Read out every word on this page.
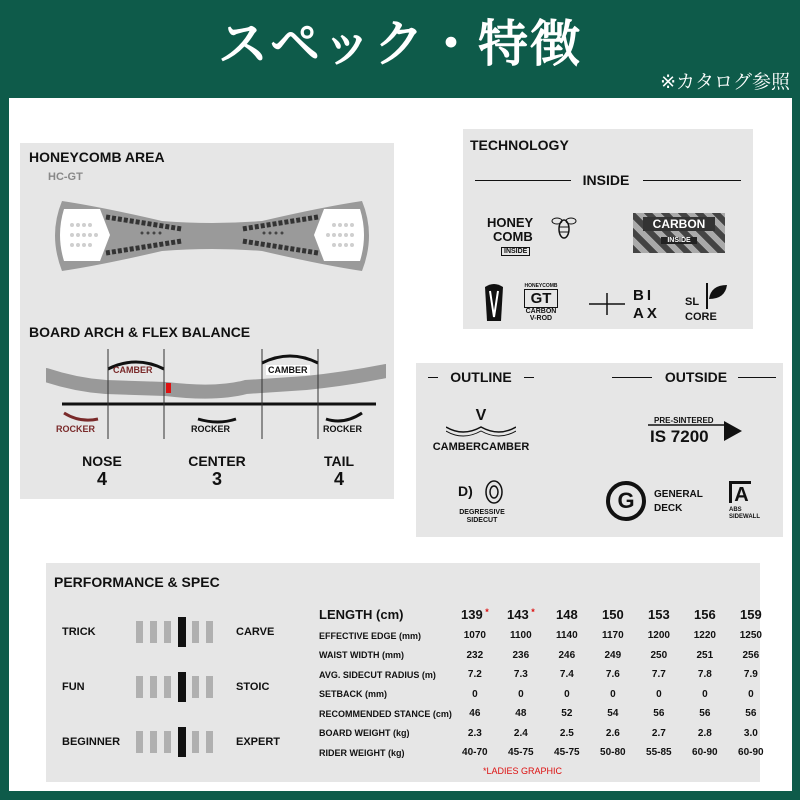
スペック・特徴
※カタログ参照
HONEYCOMB AREA
HC-GT
BOARD ARCH & FLEX BALANCE
CAMBER	CAMBER
ROCKER	ROCKER	ROCKER
NOSE
4
CENTER
3
TAIL
4
TECHNOLOGY
INSIDE
HONEY
COMB
INSIDE
CARBON
INSIDE
HONEYCOMB
GT
CARBON
V-ROD
BI
AX
SL
CORE
OUTLINE	OUTSIDE
V
CAMBERCAMBER
PRE-SINTERED
IS 7200
D)
DEGRESSIVE
SIDECUT
G	GENERAL
DECK
A
ABS
SIDEWALL
PERFORMANCE & SPEC
TRICK	CARVE
FUN	STOIC
BEGINNER	EXPERT
LENGTH (cm)	139 *	143 *	148	150	153	156	159
EFFECTIVE EDGE (mm)	1070	1100	1140	1170	1200	1220	1250
WAIST WIDTH (mm)	232	236	246	249	250	251	256
AVG. SIDECUT RADIUS (m)	7.2	7.3	7.4	7.6	7.7	7.8	7.9
SETBACK (mm)	0	0	0	0	0	0	0
RECOMMENDED STANCE (cm)	46	48	52	54	56	56	56
BOARD WEIGHT (kg)	2.3	2.4	2.5	2.6	2.7	2.8	3.0
RIDER WEIGHT (kg)	40-70	45-75	45-75	50-80	55-85	60-90	60-90
*LADIES GRAPHIC
